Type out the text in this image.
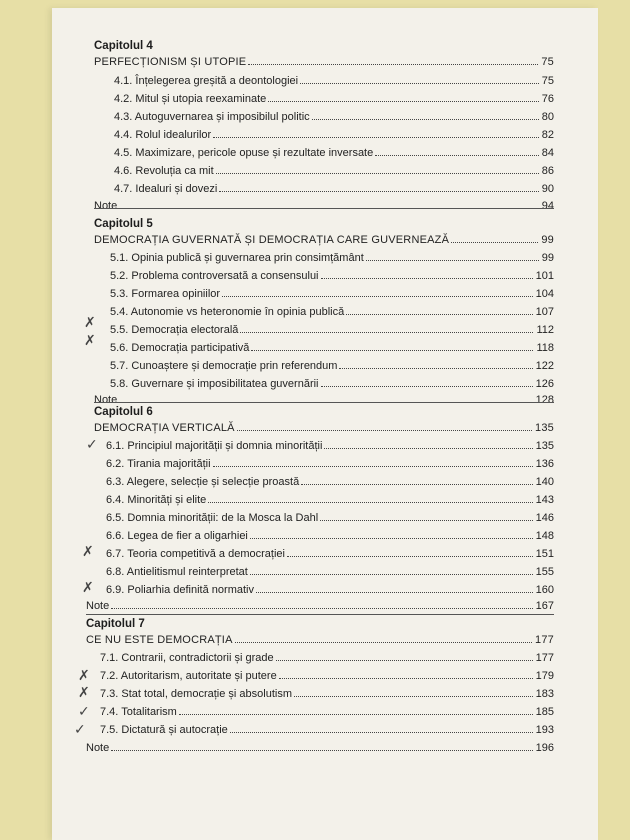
Capitolul 4
PERFECȚIONISM ȘI UTOPIE	75
4.1. Înțelegerea greșită a deontologiei	75
4.2. Mitul și utopia reexaminate	76
4.3. Autoguvernarea și imposibilul politic	80
4.4. Rolul idealurilor	82
4.5. Maximizare, pericole opuse și rezultate inversate	84
4.6. Revoluția ca mit	86
4.7. Idealuri și dovezi	90
Note	94
Capitolul 5
DEMOCRAȚIA GUVERNATĂ ȘI DEMOCRAȚIA CARE GUVERNEAZĂ	99
5.1. Opinia publică și guvernarea prin consimțământ	99
5.2. Problema controversată a consensului	101
5.3. Formarea opiniilor	104
5.4. Autonomie vs heteronomie în opinia publică	107
5.5. Democrația electorală	112
5.6. Democrația participativă	118
5.7. Cunoaștere și democrație prin referendum	122
5.8. Guvernare și imposibilitatea guvernării	126
Note	128
Capitolul 6
DEMOCRAȚIA VERTICALĂ	135
6.1. Principiul majorității și domnia minorității	135
6.2. Tirania majorității	136
6.3. Alegere, selecție și selecție proastă	140
6.4. Minorități și elite	143
6.5. Domnia minorității: de la Mosca la Dahl	146
6.6. Legea de fier a oligarhiei	148
6.7. Teoria competitivă a democrației	151
6.8. Antielitismul reinterpretat	155
6.9. Poliarhia definită normativ	160
Note	167
Capitolul 7
CE NU ESTE DEMOCRAȚIA	177
7.1. Contrarii, contradictorii și grade	177
7.2. Autoritarism, autoritate și putere	179
7.3. Stat total, democrație și absolutism	183
7.4. Totalitarism	185
7.5. Dictatură și autocrație	193
Note	196
✗
✗
✓
✗
✗
✗
✗
✓
✓
